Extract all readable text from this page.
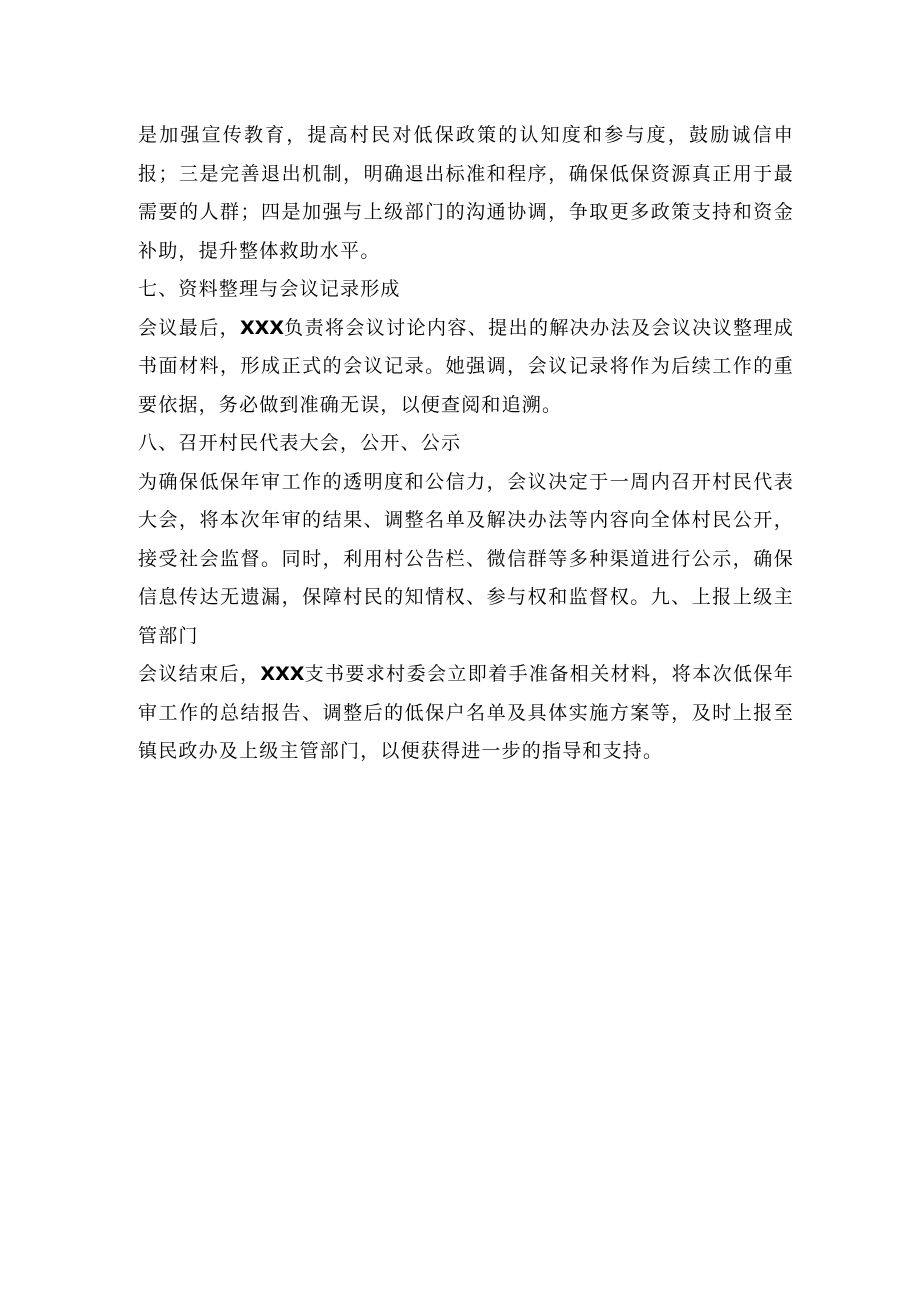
是加强宣传教育，提高村民对低保政策的认知度和参与度，鼓励诚信申报；三是完善退出机制，明确退出标准和程序，确保低保资源真正用于最需要的人群；四是加强与上级部门的沟通协调，争取更多政策支持和资金补助，提升整体救助水平。

七、资料整理与会议记录形成

会议最后，XXX负责将会议讨论内容、提出的解决办法及会议决议整理成书面材料，形成正式的会议记录。她强调，会议记录将作为后续工作的重要依据，务必做到准确无误，以便查阅和追溯。

八、召开村民代表大会，公开、公示

为确保低保年审工作的透明度和公信力，会议决定于一周内召开村民代表大会，将本次年审的结果、调整名单及解决办法等内容向全体村民公开，接受社会监督。同时，利用村公告栏、微信群等多种渠道进行公示，确保信息传达无遗漏，保障村民的知情权、参与权和监督权。九、上报上级主管部门

会议结束后，XXX支书要求村委会立即着手准备相关材料，将本次低保年审工作的总结报告、调整后的低保户名单及具体实施方案等，及时上报至镇民政办及上级主管部门，以便获得进一步的指导和支持。
